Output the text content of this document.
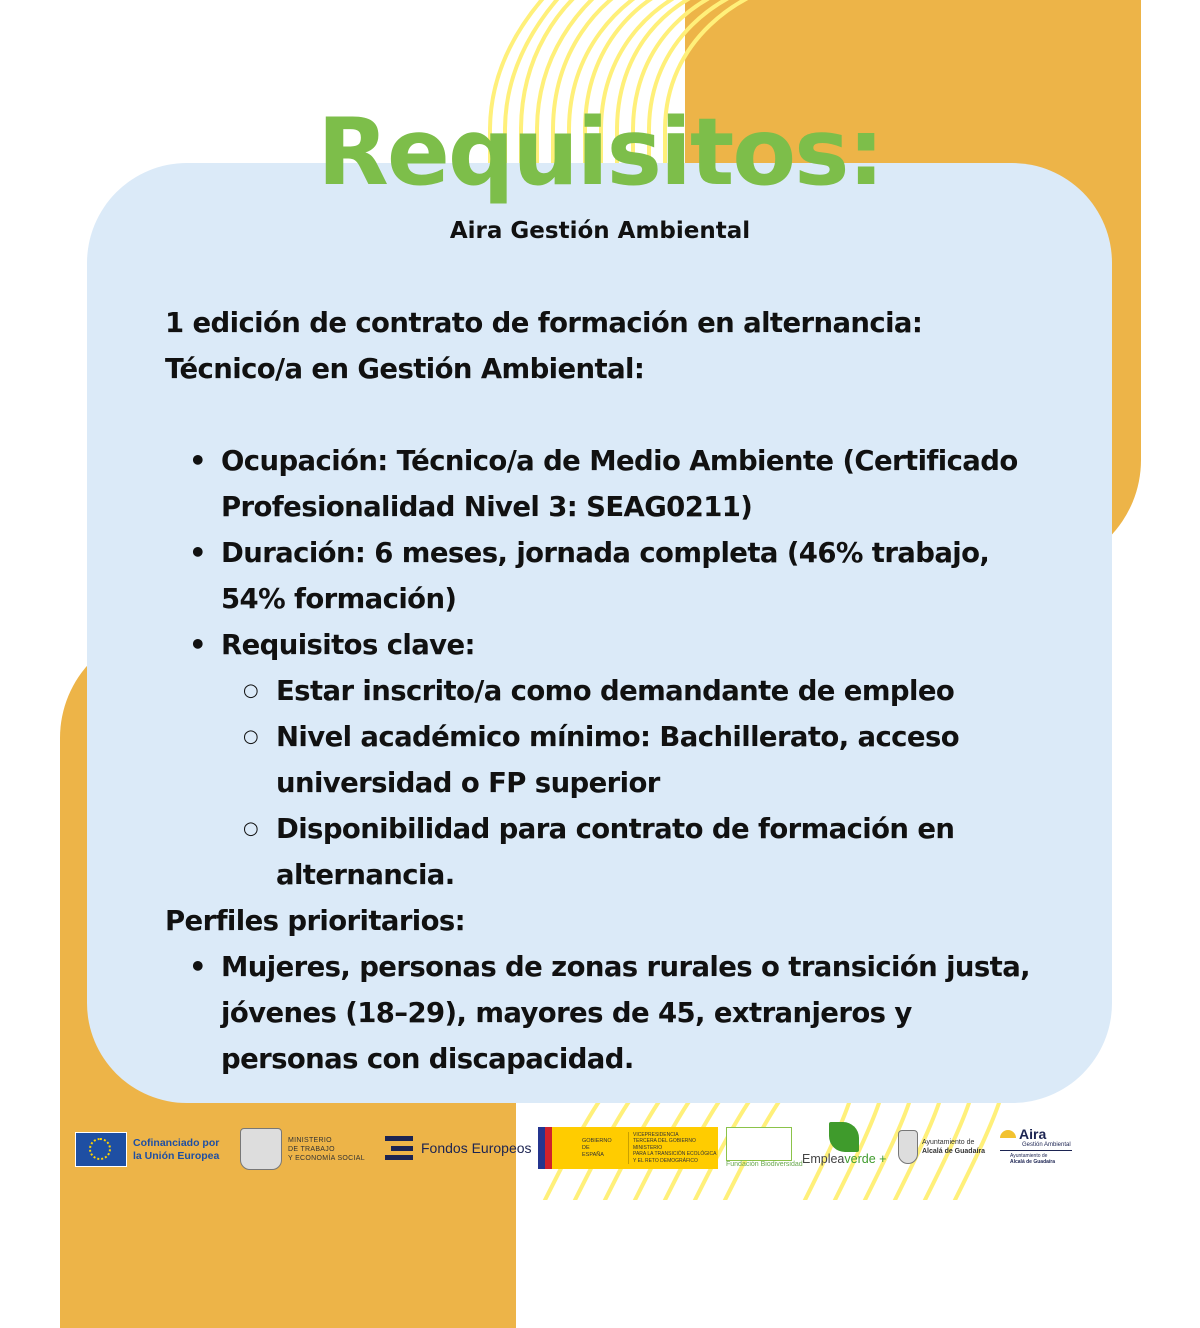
Requisitos:
Aira Gestión Ambiental

1 edición de contrato de formación en alternancia:

Técnico/a en Gestión Ambiental:

• Ocupación: Técnico/a de Medio Ambiente (Certificado Profesionalidad Nivel 3: SEAG0211)
• Duración: 6 meses, jornada completa (46% trabajo, 54% formación)
• Requisitos clave:
○ Estar inscrito/a como demandante de empleo
○ Nivel académico mínimo: Bachillerato, acceso universidad o FP superior
○ Disponibilidad para contrato de formación en alternancia.

Perfiles prioritarios:

• Mujeres, personas de zonas rurales o transición justa, jóvenes (18–29), mayores de 45, extranjeros y personas con discapacidad.
Cofinanciado por
la Unión Europea
MINISTERIO
DE TRABAJO
Y ECONOMÍA SOCIAL
Fondos Europeos	GOBIERNO
DE ESPAÑA
VICEPRESIDENCIA
TERCERA DEL GOBIERNO
MINISTERIO
PARA LA TRANSICIÓN ECOLÓGICA
Y EL RETO DEMOGRÁFICO
Fundación Biodiversidad Empleaverde +
Ayuntamiento de
Alcalá de Guadaíra
Aira
Gestión Ambiental
Ayuntamiento de
Alcalá de Guadaíra
